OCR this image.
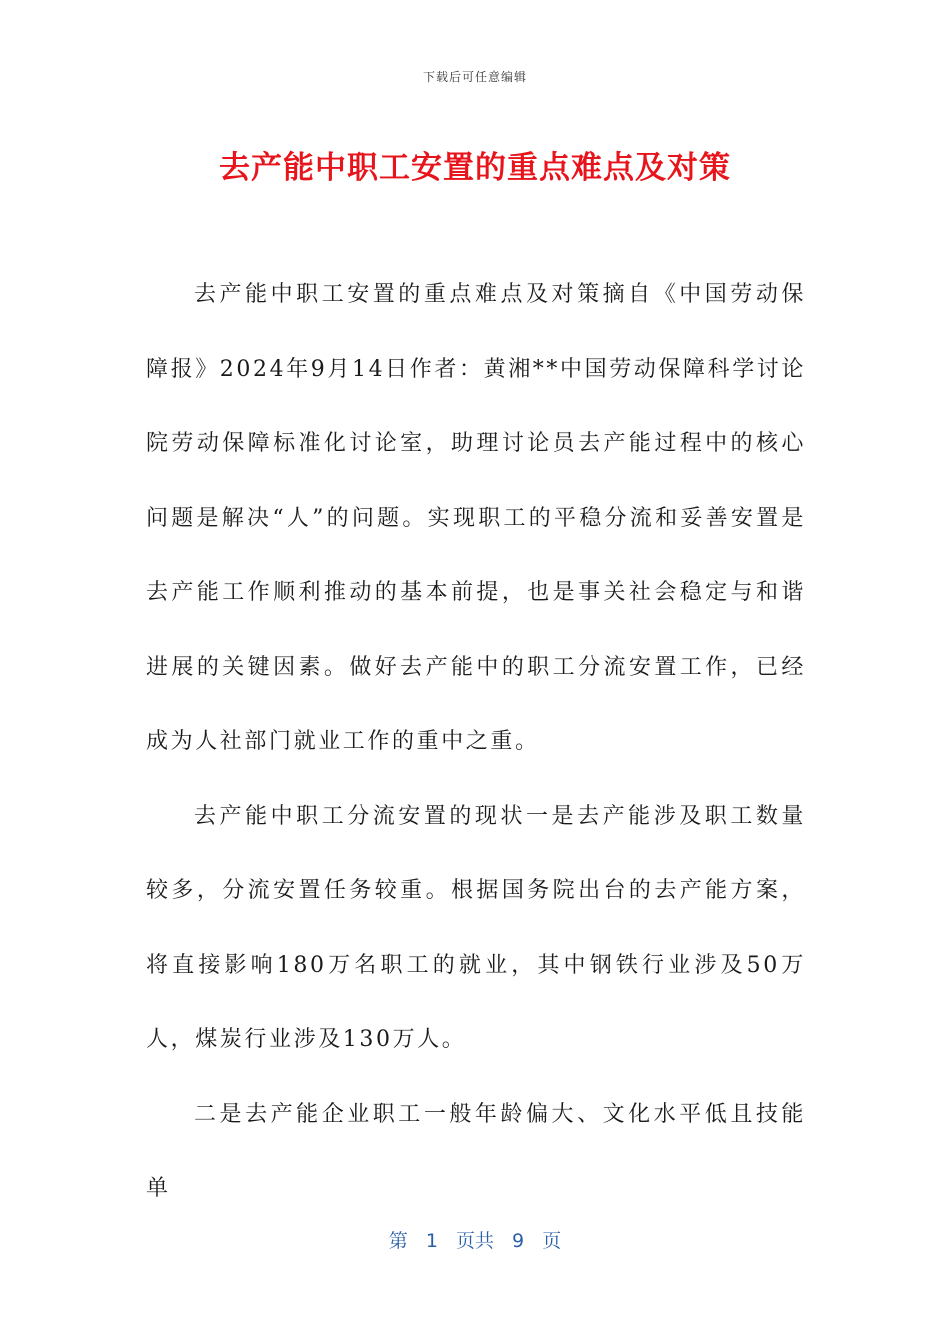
下载后可任意编辑
去产能中职工安置的重点难点及对策

去产能中职工安置的重点难点及对策摘自《中国劳动保障报》2024年9月14日作者：黄湘**中国劳动保障科学讨论院劳动保障标准化讨论室，助理讨论员去产能过程中的核心问题是解决“人”的问题。实现职工的平稳分流和妥善安置是去产能工作顺利推动的基本前提，也是事关社会稳定与和谐进展的关键因素。做好去产能中的职工分流安置工作，已经成为人社部门就业工作的重中之重。

去产能中职工分流安置的现状一是去产能涉及职工数量较多，分流安置任务较重。根据国务院出台的去产能方案，将直接影响180万名职工的就业，其中钢铁行业涉及50万人，煤炭行业涉及130万人。

二是去产能企业职工一般年龄偏大、文化水平低且技能单

第 1 页共 9 页
